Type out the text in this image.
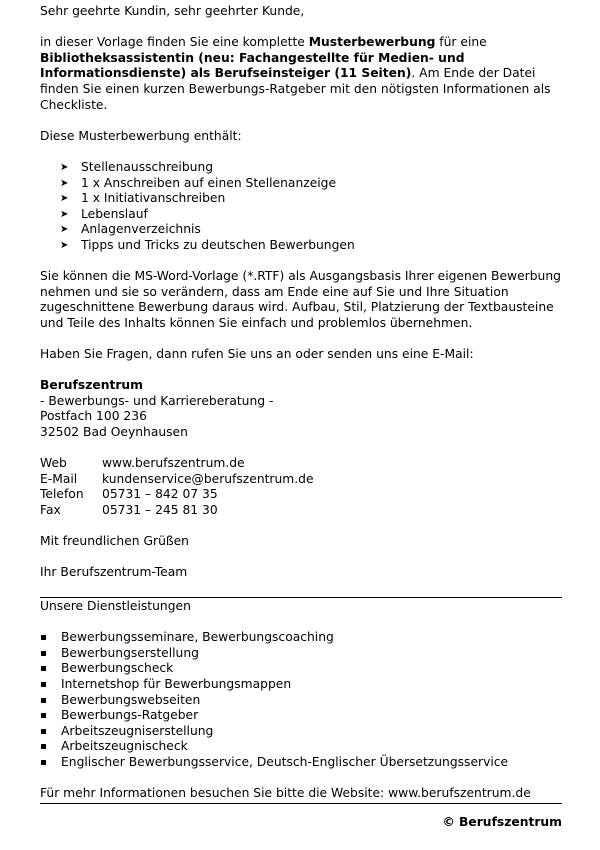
Sehr geehrte Kundin, sehr geehrter Kunde,

in dieser Vorlage finden Sie eine komplette Musterbewerbung für eine Bibliotheksassistentin (neu: Fachangestellte für Medien- und Informationsdienste) als Berufseinsteiger (11 Seiten). Am Ende der Datei finden Sie einen kurzen Bewerbungs-Ratgeber mit den nötigsten Informationen als Checkliste.

Diese Musterbewerbung enthält:

➤ Stellenausschreibung
➤ 1 x Anschreiben auf einen Stellenanzeige
➤ 1 x Initiativanschreiben
➤ Lebenslauf
➤ Anlagenverzeichnis
➤ Tipps und Tricks zu deutschen Bewerbungen

Sie können die MS-Word-Vorlage (*.RTF) als Ausgangsbasis Ihrer eigenen Bewerbung nehmen und sie so verändern, dass am Ende eine auf Sie und Ihre Situation zugeschnittene Bewerbung daraus wird. Aufbau, Stil, Platzierung der Textbausteine und Teile des Inhalts können Sie einfach und problemlos übernehmen.

Haben Sie Fragen, dann rufen Sie uns an oder senden uns eine E-Mail:

Berufszentrum

- Bewerbungs- und Karriereberatung -

Postfach 100 236

32502 Bad Oeynhausen

Web	www.berufszentrum.de
E-Mail	kundenservice@berufszentrum.de
Telefon	05731 – 842 07 35
Fax	05731 – 245 81 30

Mit freundlichen Grüßen

Ihr Berufszentrum-Team

Unsere Dienstleistungen

Bewerbungsseminare, Bewerbungscoaching
Bewerbungserstellung
Bewerbungscheck
Internetshop für Bewerbungsmappen
Bewerbungswebseiten
Bewerbungs-Ratgeber
Arbeitszeugniserstellung
Arbeitszeugnischeck
Englischer Bewerbungsservice, Deutsch-Englischer Übersetzungsservice

Für mehr Informationen besuchen Sie bitte die Website: www.berufszentrum.de

© Berufszentrum
